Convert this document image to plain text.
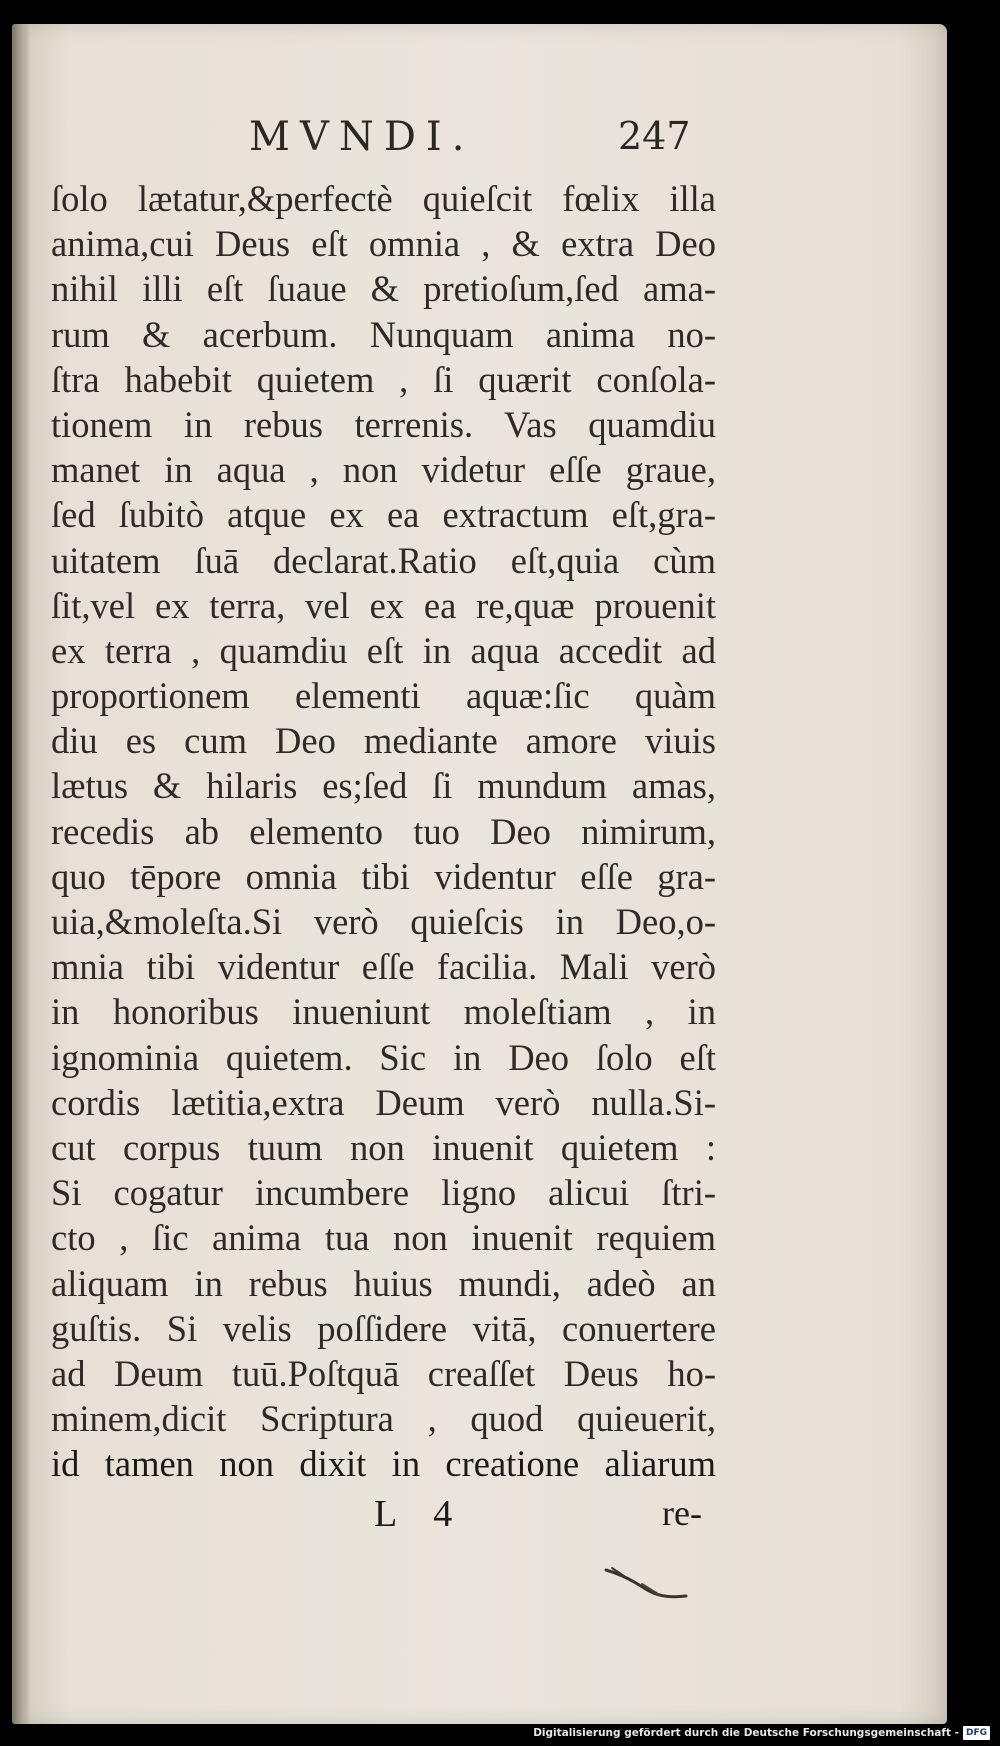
MVNDI.	247
ſolo lætatur,&perfectè quieſcit fœlix illa
anima,cui Deus eſt omnia , & extra Deo
nihil illi eſt ſuaue & pretioſum,ſed ama-
rum & acerbum. Nunquam anima no-
ſtra habebit quietem , ſi quærit conſola-
tionem in rebus terrenis. Vas quamdiu
manet in aqua , non videtur eſſe graue,
ſed ſubitò atque ex ea extractum eſt,gra-
uitatem ſuā declarat.Ratio eſt,quia cùm
ſit,vel ex terra, vel ex ea re,quæ prouenit
ex terra , quamdiu eſt in aqua accedit ad
proportionem elementi aquæ:ſic quàm
diu es cum Deo mediante amore viuis
lætus & hilaris es;ſed ſi mundum amas,
recedis ab elemento tuo Deo nimirum,
quo tēpore omnia tibi videntur eſſe gra-
uia,&moleſta.Si verò quieſcis in Deo,o-
mnia tibi videntur eſſe facilia. Mali verò
in honoribus inueniunt moleſtiam , in
ignominia quietem. Sic in Deo ſolo eſt
cordis lætitia,extra Deum verò nulla.Si-
cut corpus tuum non inuenit quietem :
Si cogatur incumbere ligno alicui ſtri-
cto , ſic anima tua non inuenit requiem
aliquam in rebus huius mundi, adeò an
guſtis. Si velis poſſidere vitā, conuertere
ad Deum tuū.Poſtquā creaſſet Deus ho-
minem,dicit Scriptura , quod quieuerit,
id tamen non dixit in creatione aliarum
L 4	re-
Digitalisierung gefördert durch die Deutsche Forschungsgemeinschaft - DFG
